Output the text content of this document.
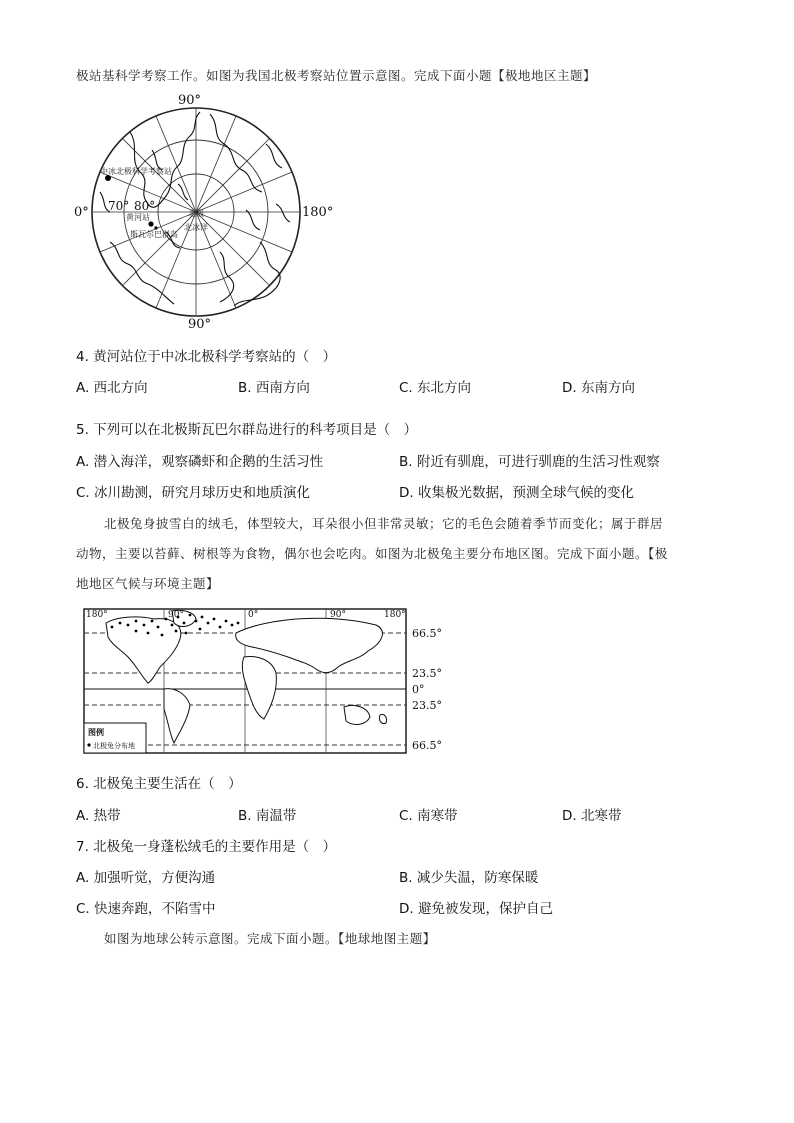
极站基科学考察工作。如图为我国北极考察站位置示意图。完成下面小题【极地地区主题】
90°
90°
0°	180°
70° 80°
中冰北极科学考察站
黄河站
斯瓦尔巴群岛
北极
北冰洋
4. 黄河站位于中冰北极科学考察站的（　）
A. 西北方向	B. 西南方向	C. 东北方向	D. 东南方向
5. 下列可以在北极斯瓦巴尔群岛进行的科考项目是（　）
A. 潜入海洋，观察磷虾和企鹅的生活习性	B. 附近有驯鹿，可进行驯鹿的生活习性观察
C. 冰川勘测，研究月球历史和地质演化	D. 收集极光数据，预测全球气候的变化
北极兔身披雪白的绒毛，体型较大，耳朵很小但非常灵敏；它的毛色会随着季节而变化；属于群居
动物，主要以苔藓、树根等为食物，偶尔也会吃肉。如图为北极兔主要分布地区图。完成下面小题。【极
地地区气候与环境主题】
180°	90°	0°	90°	180°
66.5°
23.5°
0°
23.5°
66.5°
图例
北极兔分布地
6. 北极兔主要生活在（　）
A. 热带	B. 南温带	C. 南寒带	D. 北寒带
7. 北极兔一身蓬松绒毛的主要作用是（　）
A. 加强听觉，方便沟通	B. 减少失温，防寒保暖
C. 快速奔跑，不陷雪中	D. 避免被发现，保护自己
如图为地球公转示意图。完成下面小题。【地球地图主题】
